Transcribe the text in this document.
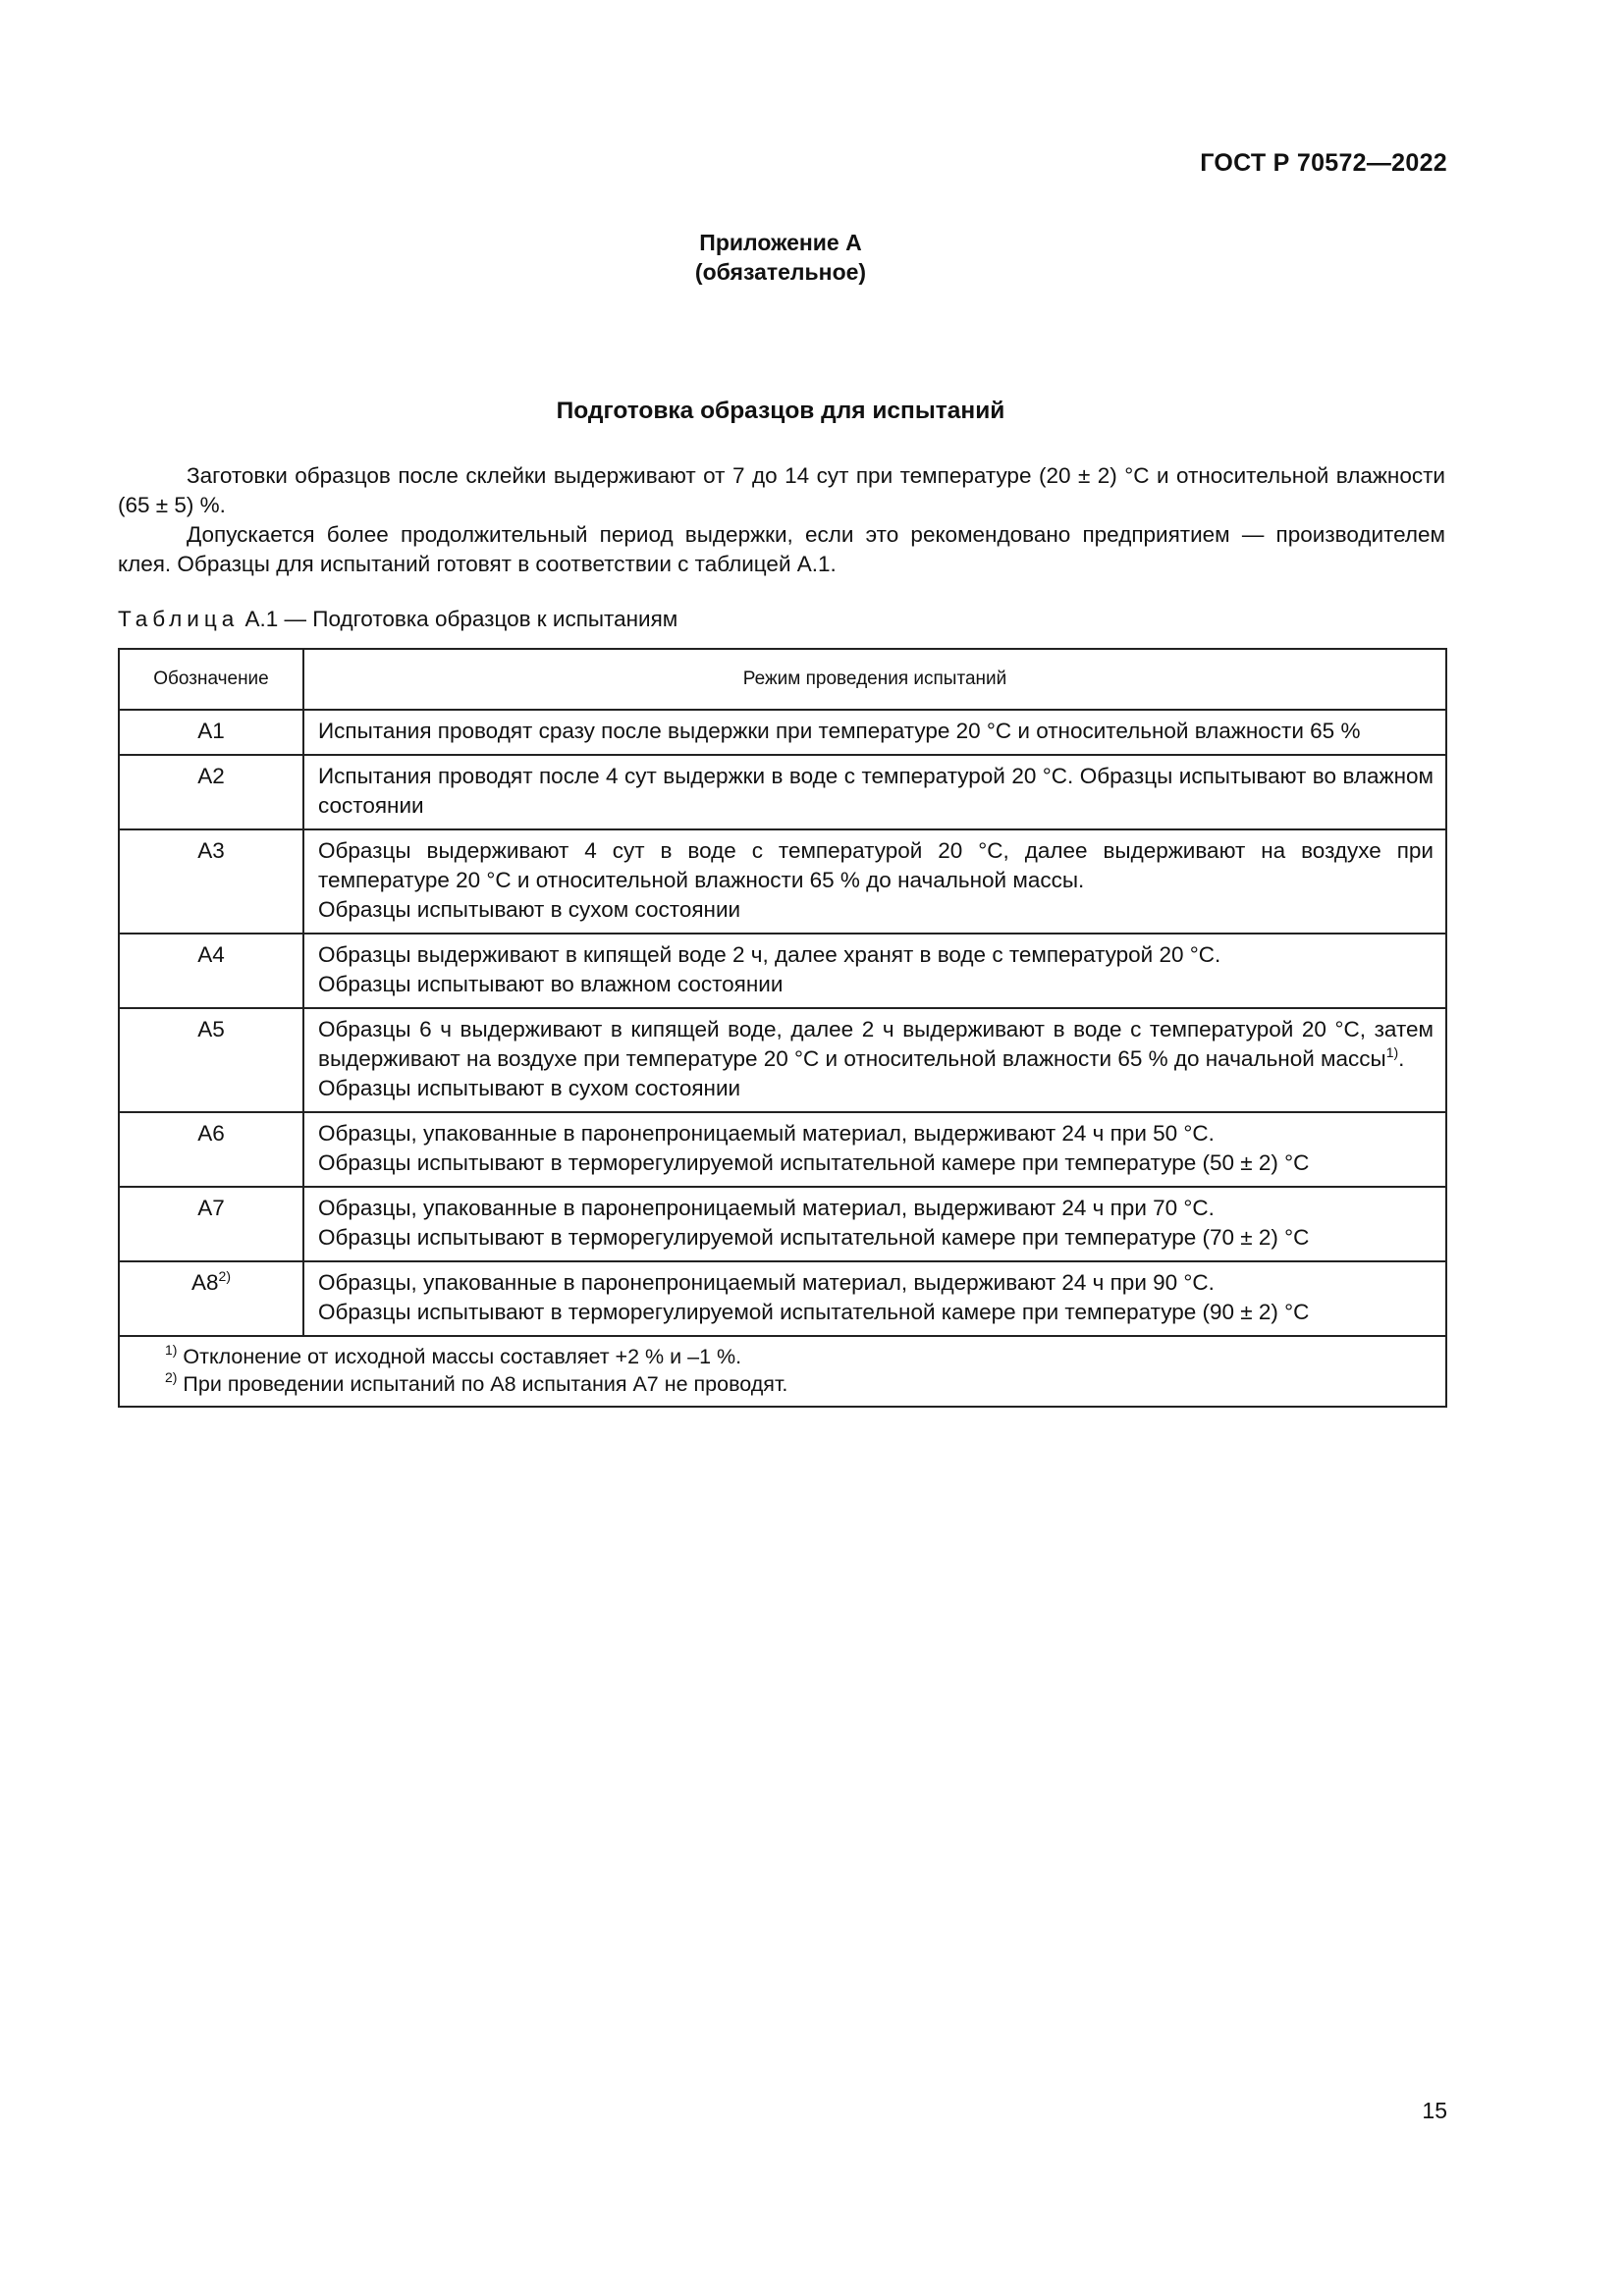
ГОСТ Р 70572—2022
Приложение А
(обязательное)
Подготовка образцов для испытаний

Заготовки образцов после склейки выдерживают от 7 до 14 сут при температуре (20 ± 2) °С и относительной влажности (65 ± 5) %.

Допускается более продолжительный период выдержки, если это рекомендовано предприятием — производителем клея. Образцы для испытаний готовят в соответствии с таблицей А.1.

Таблица А.1 — Подготовка образцов к испытаниям
Обозначение	Режим проведения испытаний
А1	Испытания проводят сразу после выдержки при температуре 20 °С и относительной влажности 65 %

А2	Испытания проводят после 4 сут выдержки в воде с температурой 20 °С. Образцы испытывают во влажном состоянии

А3	Образцы выдерживают 4 сут в воде с температурой 20 °С, далее выдерживают на воздухе при температуре 20 °С и относительной влажности 65 % до начальной массы.
Образцы испытывают в сухом состоянии

А4	Образцы выдерживают в кипящей воде 2 ч, далее хранят в воде с температурой 20 °С.
Образцы испытывают во влажном состоянии

А5	Образцы 6 ч выдерживают в кипящей воде, далее 2 ч выдерживают в воде с температурой 20 °С, затем выдерживают на воздухе при температуре 20 °С и относительной влажности 65 % до начальной массы$^{1)}$.
Образцы испытывают в сухом состоянии

А6	Образцы, упакованные в паронепроницаемый материал, выдерживают 24 ч при 50 °С.
Образцы испытывают в терморегулируемой испытательной камере при температуре (50 ± 2) °С

А7	Образцы, упакованные в паронепроницаемый материал, выдерживают 24 ч при 70 °С.
Образцы испытывают в терморегулируемой испытательной камере при температуре (70 ± 2) °С

А8$^{2)}$	Образцы, упакованные в паронепроницаемый материал, выдерживают 24 ч при 90 °С.
Образцы испытывают в терморегулируемой испытательной камере при температуре (90 ± 2) °С

$^{1)}$ Отклонение от исходной массы составляет +2 % и –1 %.
$^{2)}$ При проведении испытаний по А8 испытания А7 не проводят.	
15
